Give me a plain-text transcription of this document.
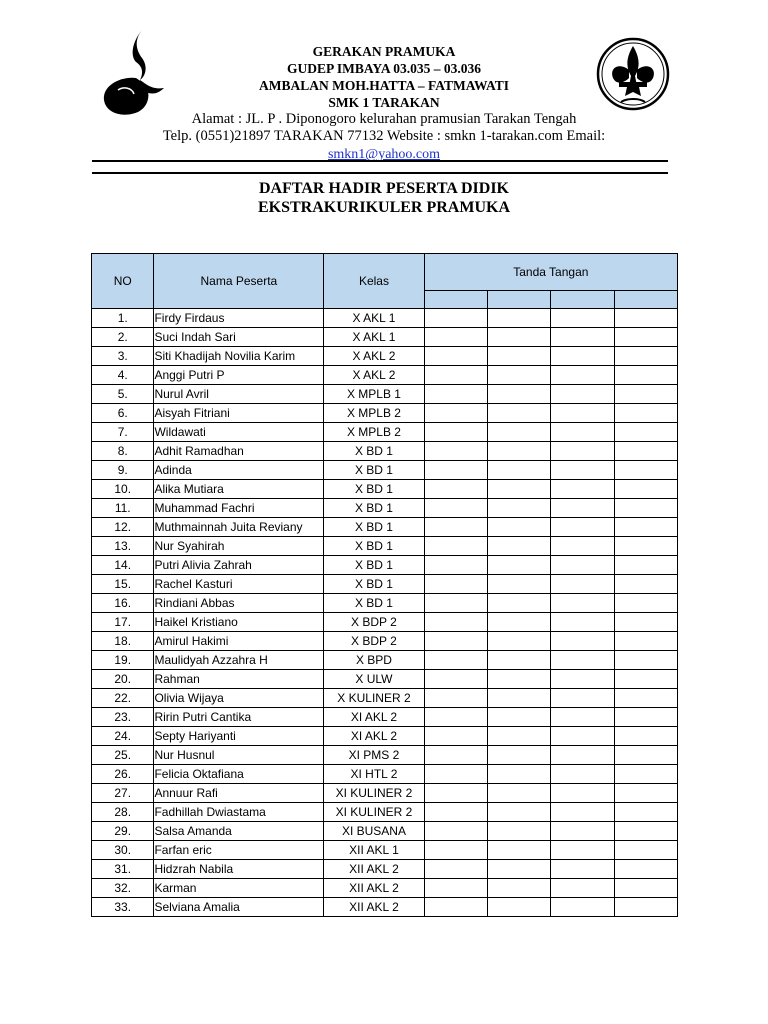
GERAKAN PRAMUKA
GUDEP IMBAYA 03.035 – 03.036
AMBALAN MOH.HATTA – FATMAWATI
SMK 1 TARAKAN
Alamat : JL. P . Diponogoro kelurahan pramusian Tarakan Tengah
Telp. (0551)21897 TARAKAN 77132 Website : smkn 1-tarakan.com Email:
smkn1@yahoo.com
DAFTAR HADIR PESERTA DIDIK
EKSTRAKURIKULER PRAMUKA
NO	Nama Peserta	Kelas	Tanda Tangan			

1.	Firdy Firdaus	X AKL 1				
2.	Suci Indah Sari	X AKL 1				
3.	Siti Khadijah Novilia Karim	X AKL 2				
4.	Anggi Putri P	X AKL 2				
5.	Nurul Avril	X MPLB 1				
6.	Aisyah Fitriani	X MPLB 2				
7.	Wildawati	X MPLB 2				
8.	Adhit Ramadhan	X BD 1				
9.	Adinda	X BD 1				
10.	Alika Mutiara	X BD 1				
11.	Muhammad Fachri	X BD 1				
12.	Muthmainnah Juita Reviany	X BD 1				
13.	Nur Syahirah	X BD 1				
14.	Putri Alivia Zahrah	X BD 1				
15.	Rachel Kasturi	X BD 1				
16.	Rindiani Abbas	X BD 1				
17.	Haikel Kristiano	X BDP 2				
18.	Amirul Hakimi	X BDP 2				
19.	Maulidyah Azzahra H	X BPD				
20.	Rahman	X ULW				
22.	Olivia Wijaya	X KULINER 2				
23.	Ririn Putri Cantika	XI AKL 2				
24.	Septy Hariyanti	XI AKL 2				
25.	Nur Husnul	XI PMS 2				
26.	Felicia Oktafiana	XI HTL 2				
27.	Annuur Rafi	XI KULINER 2				
28.	Fadhillah Dwiastama	XI KULINER 2				
29.	Salsa Amanda	XI BUSANA				
30.	Farfan eric	XII AKL 1				
31.	Hidzrah Nabila	XII AKL 2				
32.	Karman	XII AKL 2				
33.	Selviana Amalia	XII AKL 2				
